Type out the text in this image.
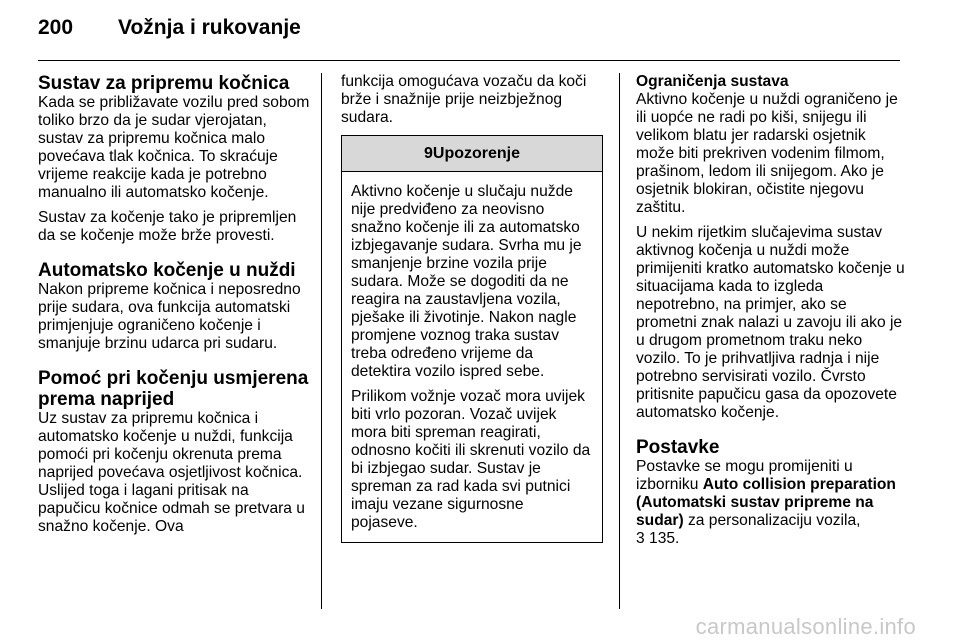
200 Vožnja i rukovanje
Sustav za pripremu kočnica

Kada se približavate vozilu pred sobom toliko brzo da je sudar vjerojatan, sustav za pripremu kočnica malo povećava tlak kočnica. To skraćuje vrijeme reakcije kada je potrebno manualno ili automatsko kočenje.

Sustav za kočenje tako je pripremljen da se kočenje može brže provesti.

Automatsko kočenje u nuždi

Nakon pripreme kočnica i neposredno prije sudara, ova funkcija automatski primjenjuje ograničeno kočenje i smanjuje brzinu udarca pri sudaru.

Pomoć pri kočenju usmjerena prema naprijed

Uz sustav za pripremu kočnica i automatsko kočenje u nuždi, funkcija pomoći pri kočenju okrenuta prema naprijed povećava osjetljivost kočnica. Uslijed toga i lagani pritisak na papučicu kočnice odmah se pretvara u snažno kočenje. Ova

funkcija omogućava vozaču da koči brže i snažnije prije neizbježnog sudara.

9Upozorenje

Aktivno kočenje u slučaju nužde nije predviđeno za neovisno snažno kočenje ili za automatsko izbjegavanje sudara. Svrha mu je smanjenje brzine vozila prije sudara. Može se dogoditi da ne reagira na zaustavljena vozila, pješake ili životinje. Nakon nagle promjene voznog traka sustav treba određeno vrijeme da detektira vozilo ispred sebe.

Prilikom vožnje vozač mora uvijek biti vrlo pozoran. Vozač uvijek mora biti spreman reagirati, odnosno kočiti ili skrenuti vozilo da bi izbjegao sudar. Sustav je spreman za rad kada svi putnici imaju vezane sigurnosne pojaseve.

Ograničenja sustava

Aktivno kočenje u nuždi ograničeno je ili uopće ne radi po kiši, snijegu ili velikom blatu jer radarski osjetnik može biti prekriven vodenim filmom, prašinom, ledom ili snijegom. Ako je osjetnik blokiran, očistite njegovu zaštitu.

U nekim rijetkim slučajevima sustav aktivnog kočenja u nuždi može primijeniti kratko automatsko kočenje u situacijama kada to izgleda nepotrebno, na primjer, ako se prometni znak nalazi u zavoju ili ako je u drugom prometnom traku neko vozilo. To je prihvatljiva radnja i nije potrebno servisirati vozilo. Čvrsto pritisnite papučicu gasa da opozovete automatsko kočenje.

Postavke

Postavke se mogu promijeniti u izborniku Auto collision preparation (Automatski sustav pripreme na sudar) za personalizaciju vozila,
3 135.

carmanualsonline.info
